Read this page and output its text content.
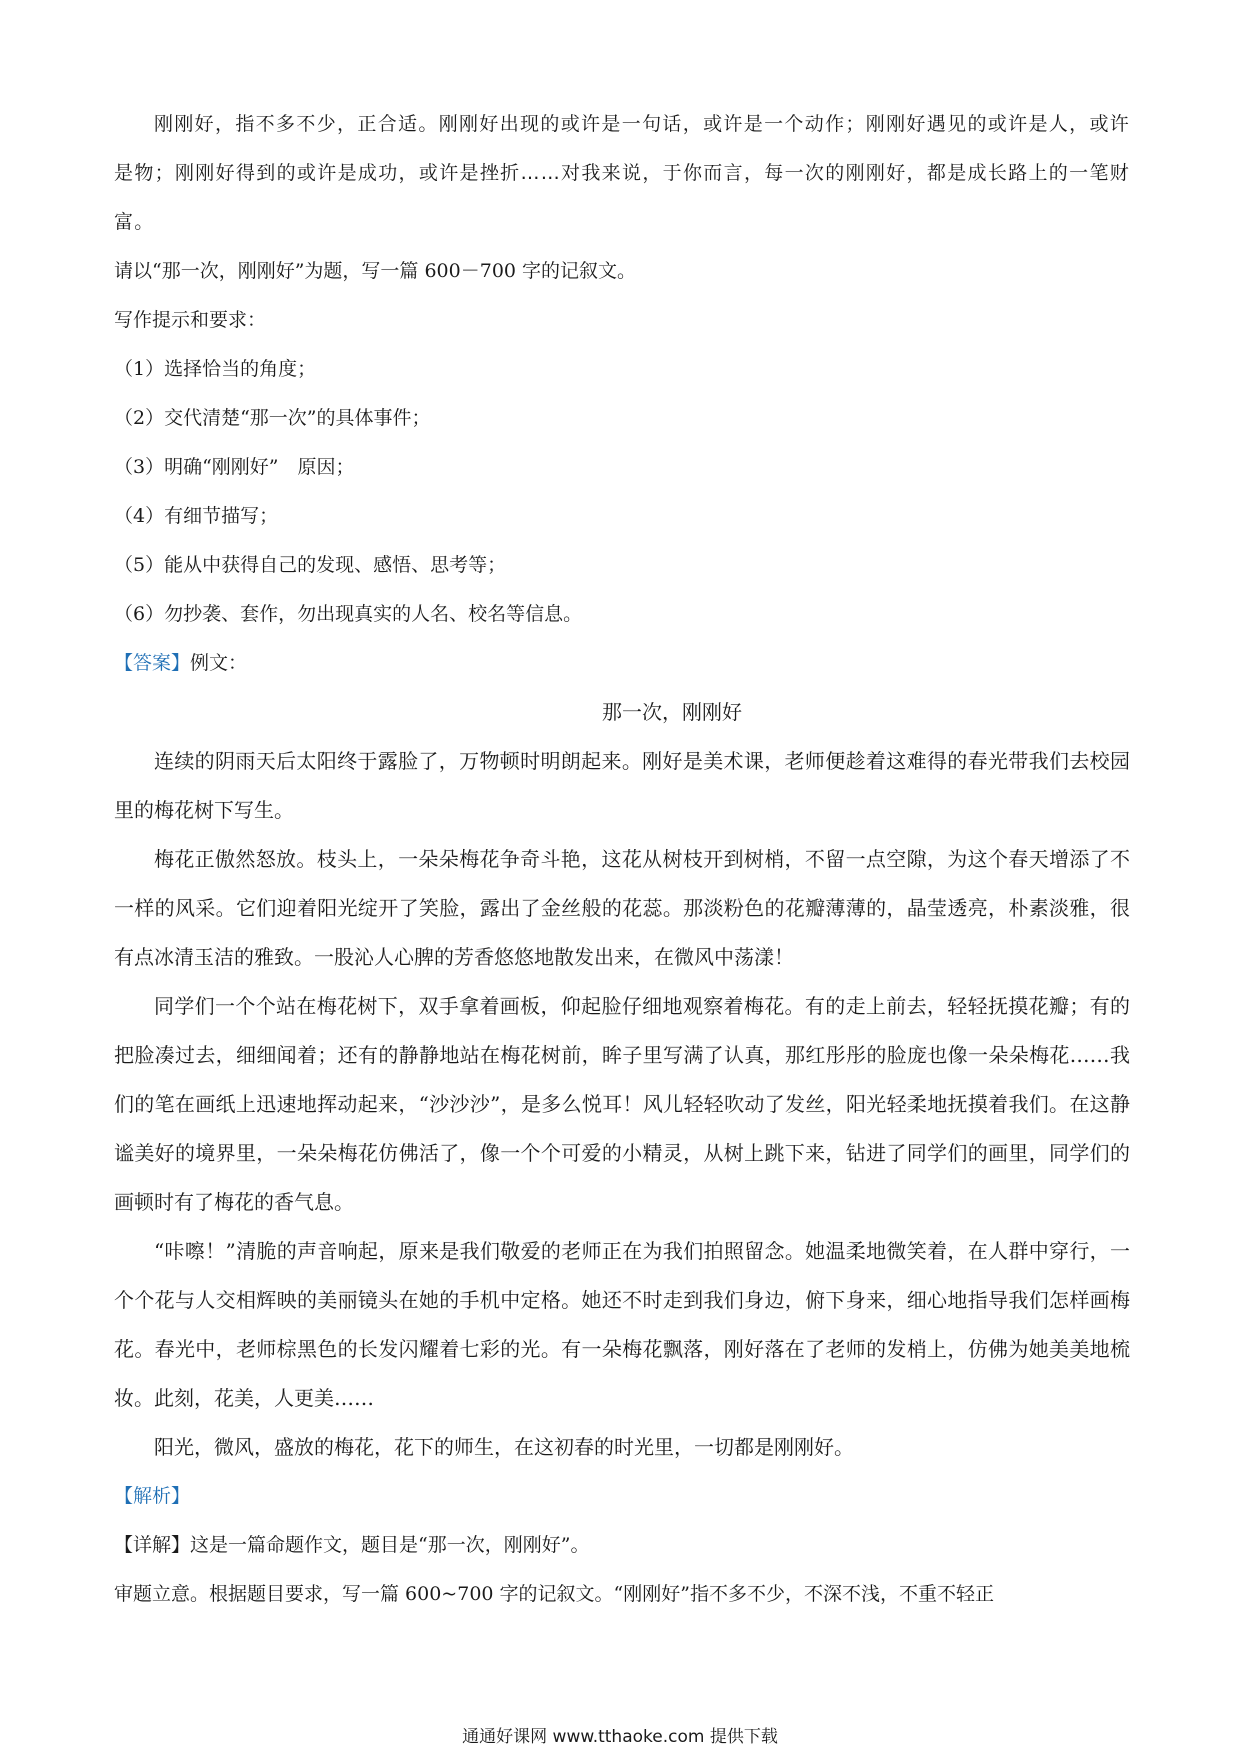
刚刚好，指不多不少，正合适。刚刚好出现的或许是一句话，或许是一个动作；刚刚好遇见的或许是人，或许是物；刚刚好得到的或许是成功，或许是挫折……对我来说，于你而言，每一次的刚刚好，都是成长路上的一笔财富。
请以“那一次，刚刚好”为题，写一篇 600－700 字的记叙文。
写作提示和要求：
（1）选择恰当的角度；
（2）交代清楚“那一次”的具体事件；
（3）明确“刚刚好”　原因；
（4）有细节描写；
（5）能从中获得自己的发现、感悟、思考等；
（6）勿抄袭、套作，勿出现真实的人名、校名等信息。
【答案】例文：
那一次，刚刚好
连续的阴雨天后太阳终于露脸了，万物顿时明朗起来。刚好是美术课，老师便趁着这难得的春光带我们去校园里的梅花树下写生。
梅花正傲然怒放。枝头上，一朵朵梅花争奇斗艳，这花从树枝开到树梢，不留一点空隙，为这个春天增添了不一样的风采。它们迎着阳光绽开了笑脸，露出了金丝般的花蕊。那淡粉色的花瓣薄薄的，晶莹透亮，朴素淡雅，很有点冰清玉洁的雅致。一股沁人心脾的芳香悠悠地散发出来，在微风中荡漾！
同学们一个个站在梅花树下，双手拿着画板，仰起脸仔细地观察着梅花。有的走上前去，轻轻抚摸花瓣；有的把脸凑过去，细细闻着；还有的静静地站在梅花树前，眸子里写满了认真，那红彤彤的脸庞也像一朵朵梅花……我们的笔在画纸上迅速地挥动起来，“沙沙沙”，是多么悦耳！风儿轻轻吹动了发丝，阳光轻柔地抚摸着我们。在这静谧美好的境界里，一朵朵梅花仿佛活了，像一个个可爱的小精灵，从树上跳下来，钻进了同学们的画里，同学们的画顿时有了梅花的香气息。
“咔嚓！”清脆的声音响起，原来是我们敬爱的老师正在为我们拍照留念。她温柔地微笑着，在人群中穿行，一个个花与人交相辉映的美丽镜头在她的手机中定格。她还不时走到我们身边，俯下身来，细心地指导我们怎样画梅花。春光中，老师棕黑色的长发闪耀着七彩的光。有一朵梅花飘落，刚好落在了老师的发梢上，仿佛为她美美地梳妆。此刻，花美，人更美……
阳光，微风，盛放的梅花，花下的师生，在这初春的时光里，一切都是刚刚好。
【解析】
【详解】这是一篇命题作文，题目是“那一次，刚刚好”。
审题立意。根据题目要求，写一篇 600~700 字的记叙文。“刚刚好”指不多不少，不深不浅，不重不轻正
通通好课网 www.tthaoke.com 提供下载
